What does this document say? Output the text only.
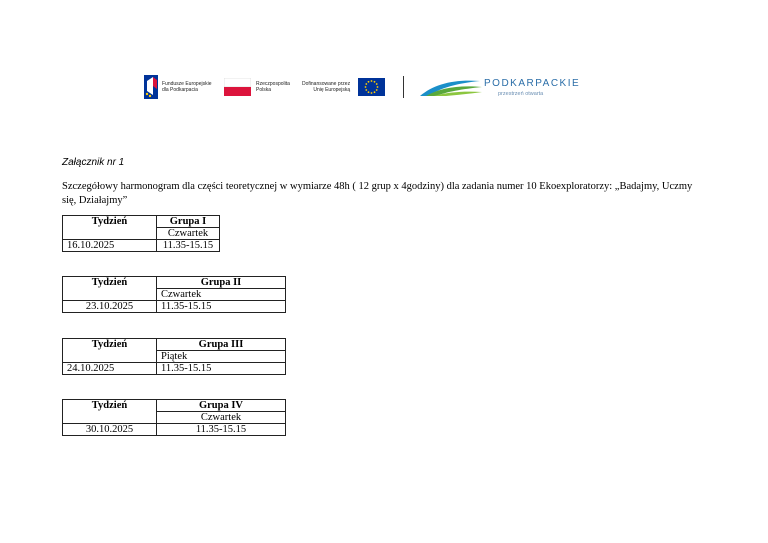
Fundusze Europejskie
dla Podkarpacia
Rzeczpospolita
Polska
Dofinansowane przez
Unię Europejską
PODKARPACKIE
przestrzeń otwarta
Załącznik nr 1
Szczegółowy harmonogram dla części teoretycznej w wymiarze 48h ( 12 grup x 4godziny) dla zadania numer 10 Ekoexploratorzy: „Badajmy, Uczmy się, Działajmy”
Tydzień	Grupa I
	Czwartek
16.10.2025	11.35-15.15
Tydzień	Grupa II
	Czwartek
23.10.2025	11.35-15.15
Tydzień	Grupa III
	Piątek
24.10.2025	11.35-15.15
Tydzień	Grupa IV
	Czwartek
30.10.2025	11.35-15.15
